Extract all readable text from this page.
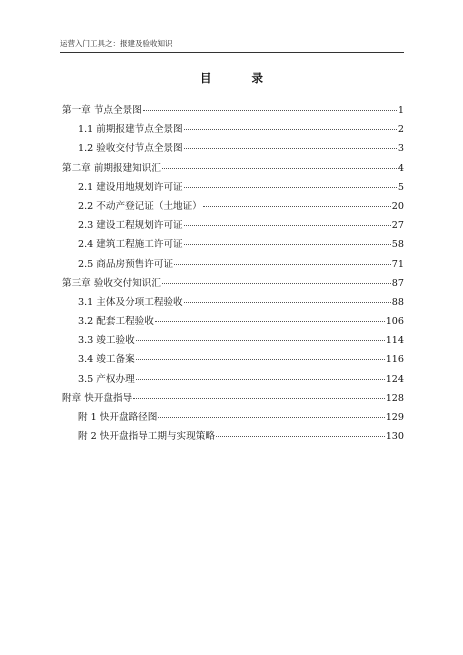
运营入门工具之：报建及验收知识
目 录
第一章 节点全景图	1
1.1 前期报建节点全景图	2
1.2 验收交付节点全景图	3
第二章 前期报建知识汇	4
2.1 建设用地规划许可证	5
2.2 不动产登记证（土地证）	20
2.3 建设工程规划许可证	27
2.4 建筑工程施工许可证	58
2.5 商品房预售许可证	71
第三章 验收交付知识汇	87
3.1 主体及分项工程验收	88
3.2 配套工程验收	106
3.3 竣工验收	114
3.4 竣工备案	116
3.5 产权办理	124
附章 快开盘指导	128
附 1 快开盘路径图	129
附 2 快开盘指导工期与实现策略	130
